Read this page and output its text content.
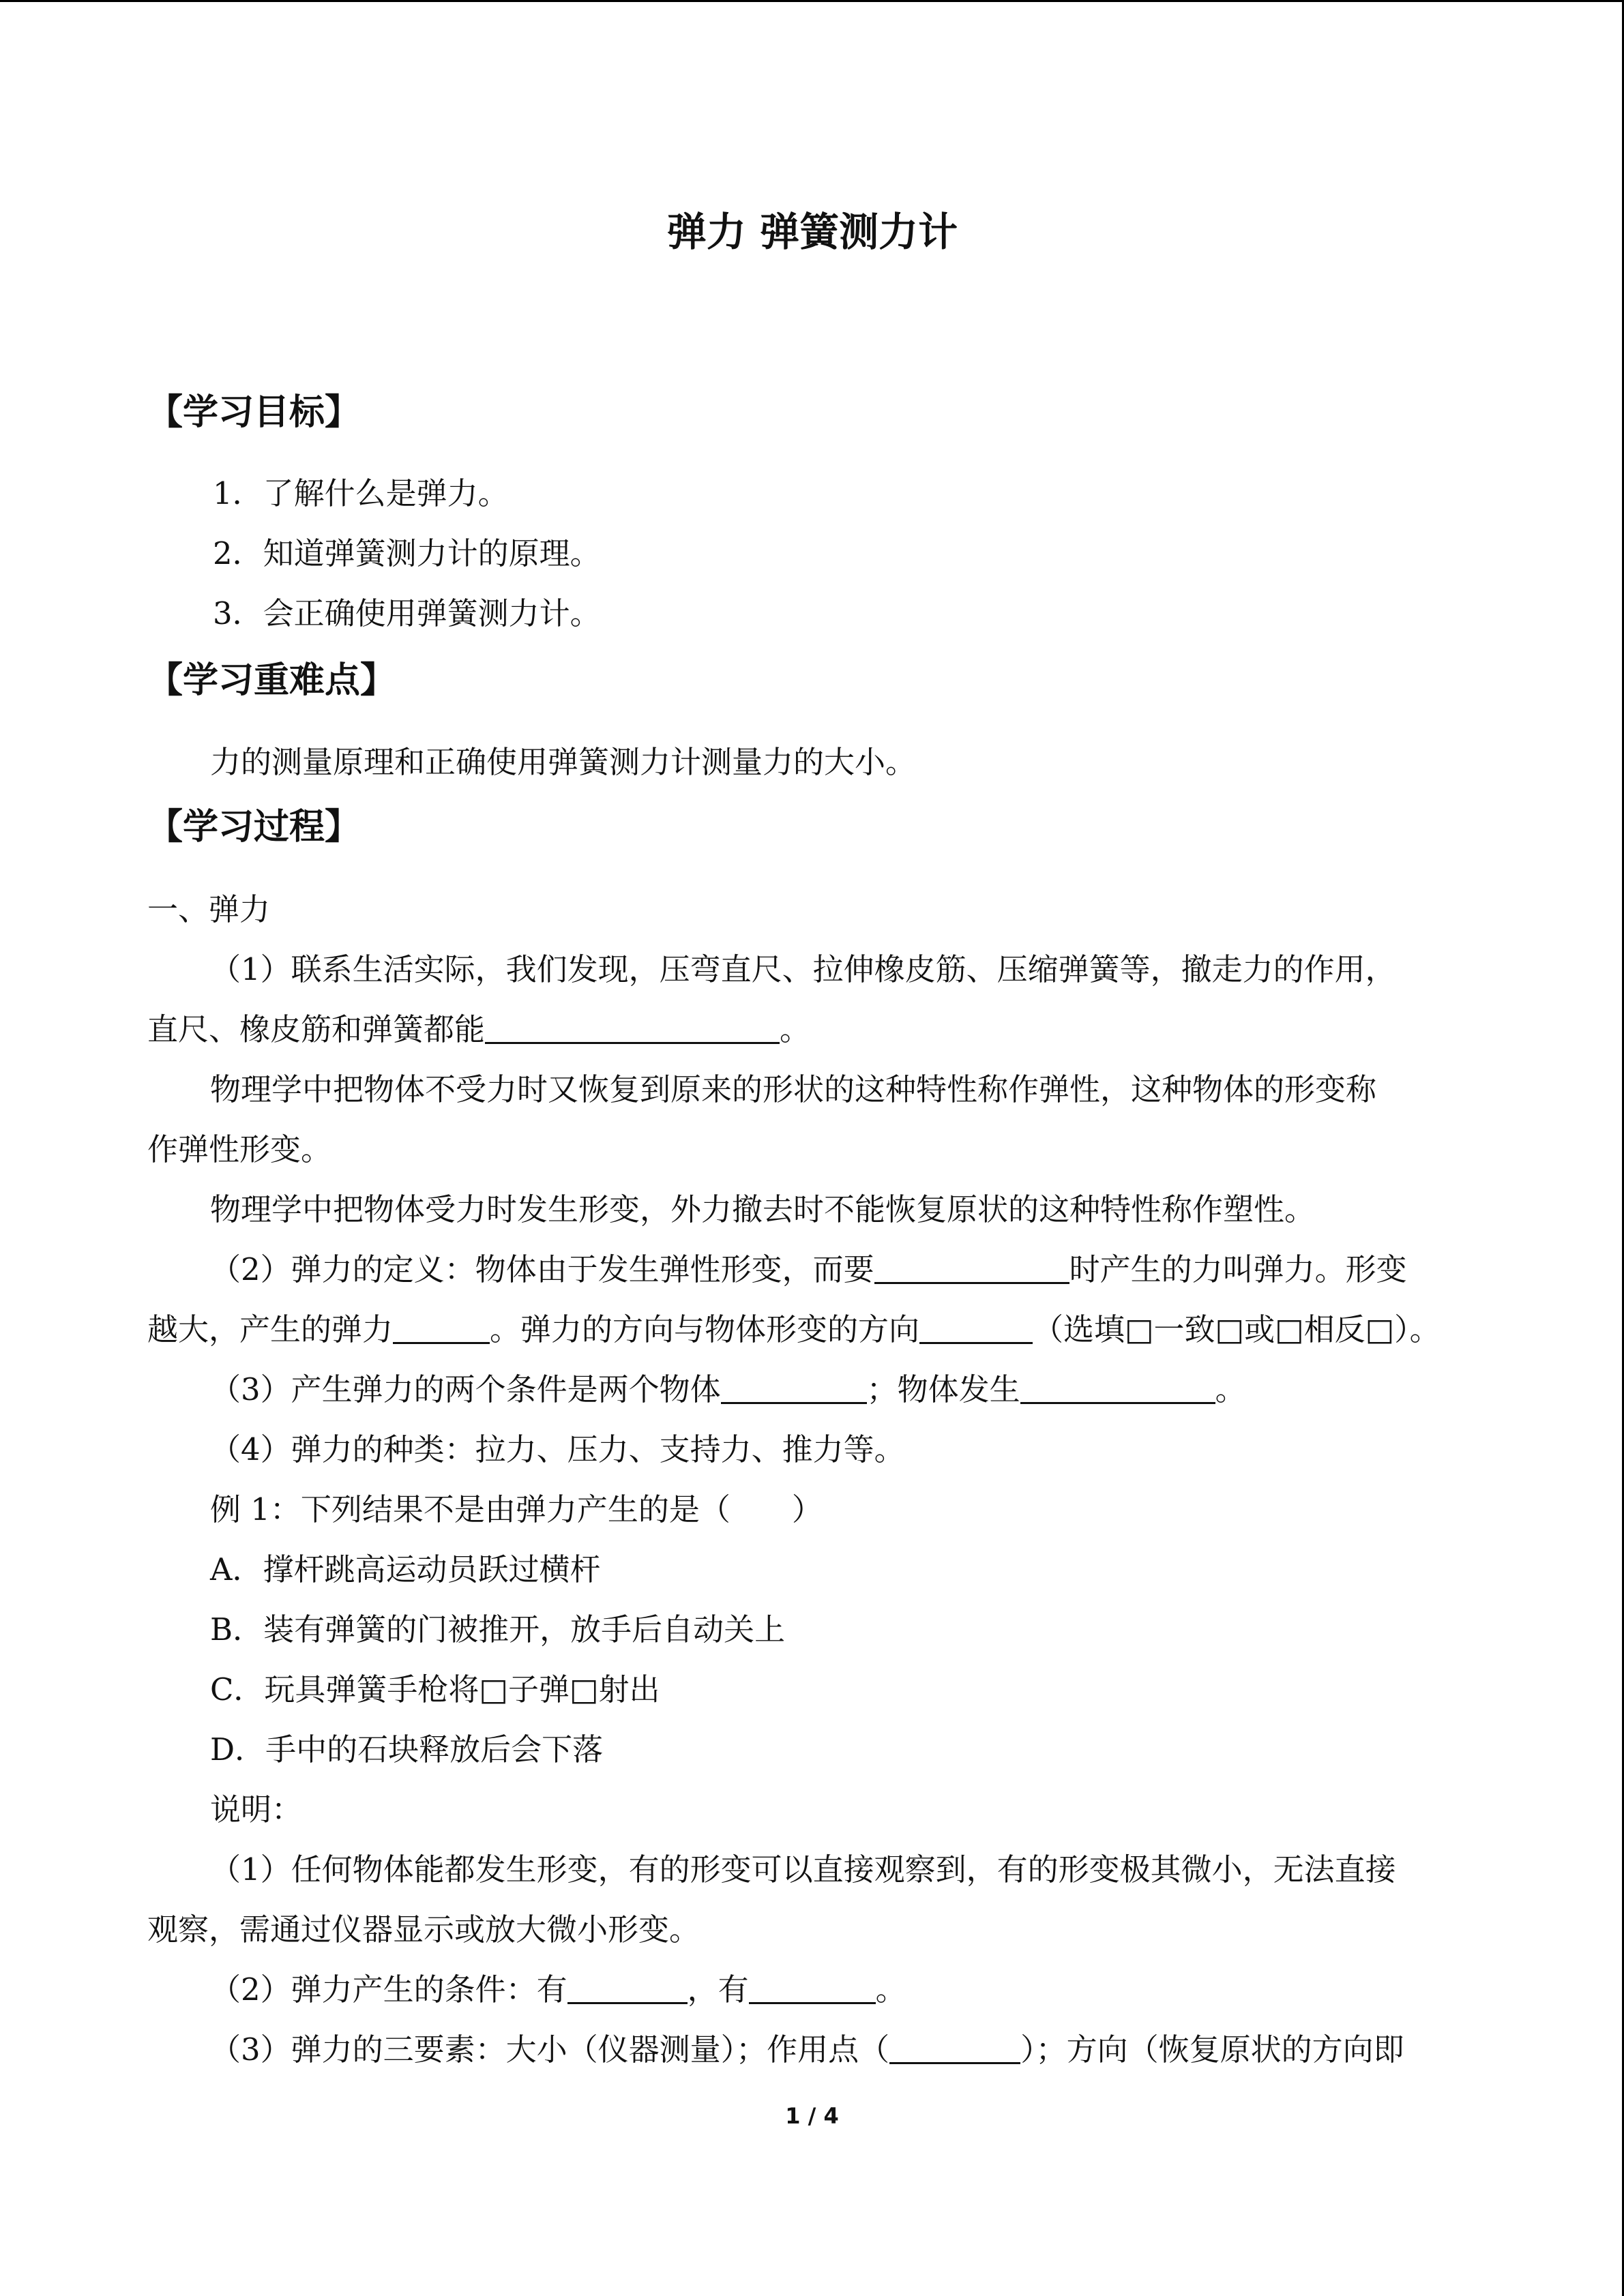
弹力 弹簧测力计
【学习目标】
1．了解什么是弹力。
2．知道弹簧测力计的原理。
3．会正确使用弹簧测力计。
【学习重难点】
力的测量原理和正确使用弹簧测力计测量力的大小。
【学习过程】
一、弹力
（1）联系生活实际，我们发现，压弯直尺、拉伸橡皮筋、压缩弹簧等，撤走力的作用，
直尺、橡皮筋和弹簧都能	。
物理学中把物体不受力时又恢复到原来的形状的这种特性称作弹性，这种物体的形变称
作弹性形变。
物理学中把物体受力时发生形变，外力撤去时不能恢复原状的这种特性称作塑性。
（2）弹力的定义：物体由于发生弹性形变，而要	时产生的力叫弹力。形变
越大，产生的弹力	。弹力的方向与物体形变的方向	（选填□一致□或□相反□）。
（3）产生弹力的两个条件是两个物体	；物体发生	。
（4）弹力的种类：拉力、压力、支持力、推力等。
例 1：下列结果不是由弹力产生的是（　　）
A．撑杆跳高运动员跃过横杆
B．装有弹簧的门被推开，放手后自动关上
C．玩具弹簧手枪将□子弹□射出
D．手中的石块释放后会下落
说明：
（1）任何物体能都发生形变，有的形变可以直接观察到，有的形变极其微小，无法直接
观察，需通过仪器显示或放大微小形变。
（2）弹力产生的条件：有	，有	。
（3）弹力的三要素：大小（仪器测量）；作用点（	）；方向（恢复原状的方向即
1 / 4
